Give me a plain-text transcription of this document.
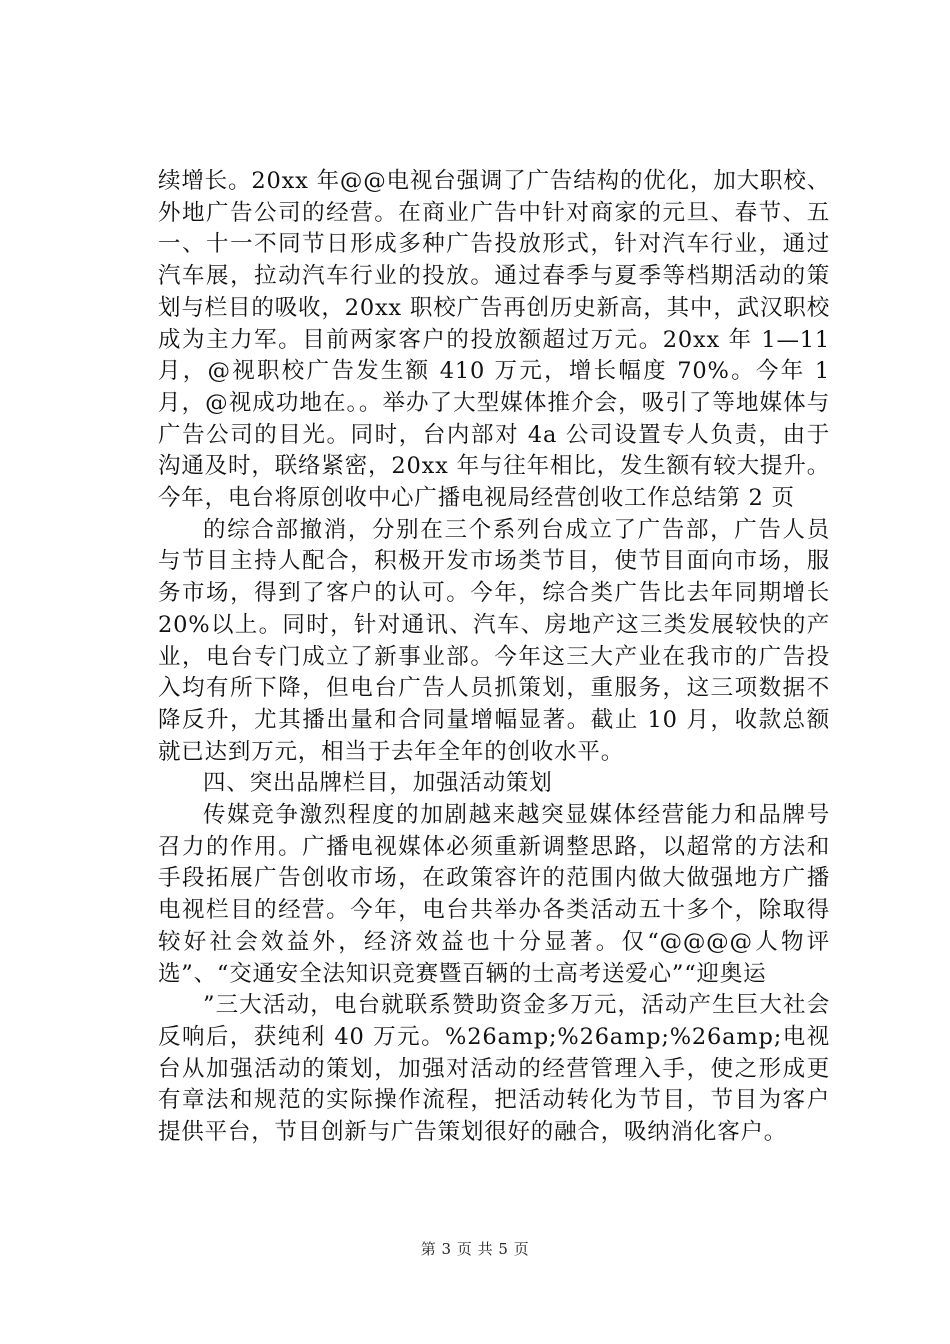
续增长。20xx 年@@电视台强调了广告结构的优化，加大职校、外地广告公司的经营。在商业广告中针对商家的元旦、春节、五一、十一不同节日形成多种广告投放形式，针对汽车行业，通过汽车展，拉动汽车行业的投放。通过春季与夏季等档期活动的策划与栏目的吸收，20xx 职校广告再创历史新高，其中，武汉职校成为主力军。目前两家客户的投放额超过万元。20xx 年 1—11 月，@视职校广告发生额 410 万元，增长幅度 70%。今年 1 月，@视成功地在。。举办了大型媒体推介会，吸引了等地媒体与广告公司的目光。同时，台内部对 4a 公司设置专人负责，由于沟通及时，联络紧密，20xx 年与往年相比，发生额有较大提升。今年，电台将原创收中心广播电视局经营创收工作总结第 2 页

的综合部撤消，分别在三个系列台成立了广告部，广告人员与节目主持人配合，积极开发市场类节目，使节目面向市场，服务市场，得到了客户的认可。今年，综合类广告比去年同期增长 20%以上。同时，针对通讯、汽车、房地产这三类发展较快的产业，电台专门成立了新事业部。今年这三大产业在我市的广告投入均有所下降，但电台广告人员抓策划，重服务，这三项数据不降反升，尤其播出量和合同量增幅显著。截止 10 月，收款总额就已达到万元，相当于去年全年的创收水平。

四、突出品牌栏目，加强活动策划

传媒竞争激烈程度的加剧越来越突显媒体经营能力和品牌号召力的作用。广播电视媒体必须重新调整思路，以超常的方法和手段拓展广告创收市场，在政策容许的范围内做大做强地方广播电视栏目的经营。今年，电台共举办各类活动五十多个，除取得较好社会效益外，经济效益也十分显著。仅“@@@@人物评选”、“交通安全法知识竞赛暨百辆的士高考送爱心”“迎奥运

”三大活动，电台就联系赞助资金多万元，活动产生巨大社会反响后，获纯利 40 万元。%26amp;%26amp;%26amp;电视台从加强活动的策划，加强对活动的经营管理入手，使之形成更有章法和规范的实际操作流程，把活动转化为节目，节目为客户提供平台，节目创新与广告策划很好的融合，吸纳消化客户。

第 3 页 共 5 页
